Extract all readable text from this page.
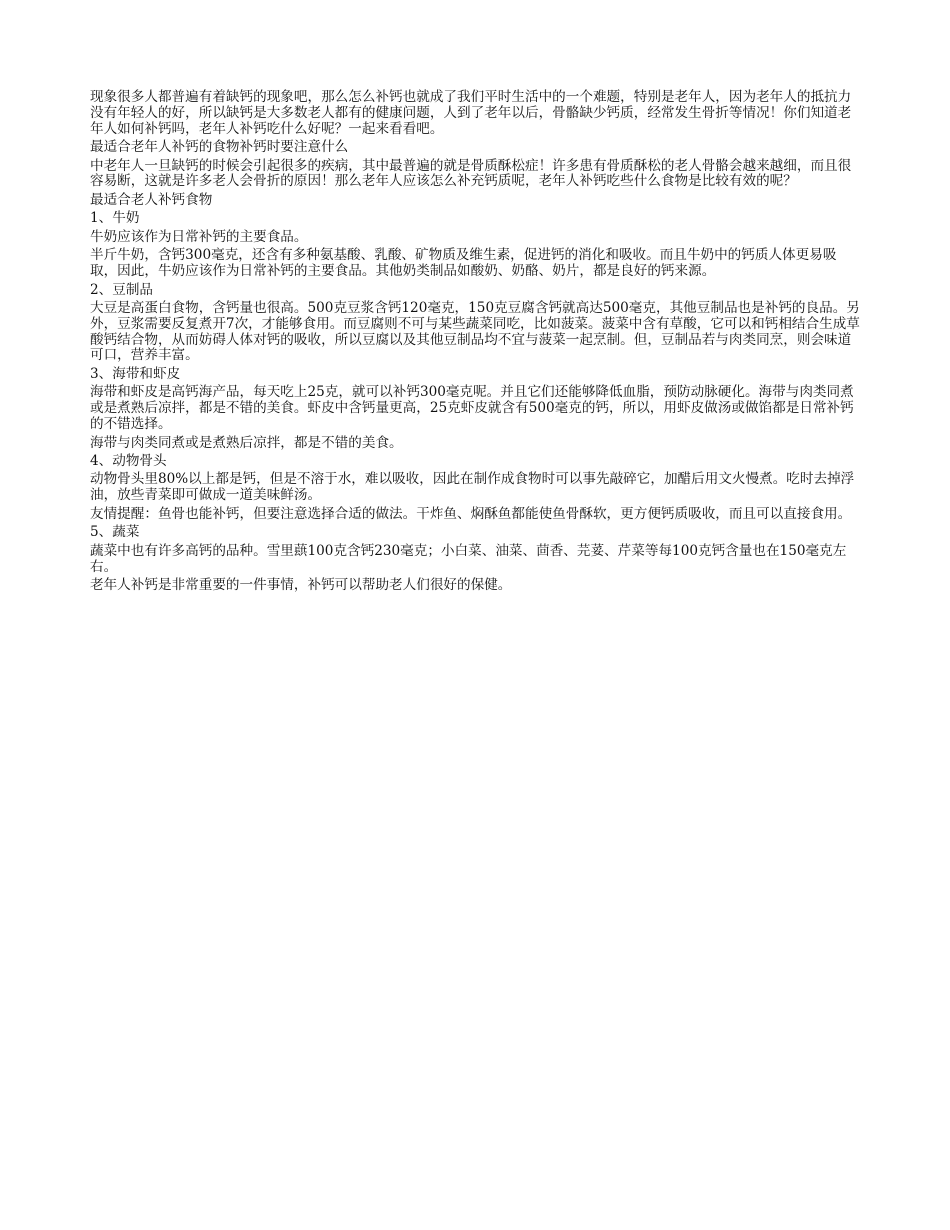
现象很多人都普遍有着缺钙的现象吧，那么怎么补钙也就成了我们平时生活中的一个难题，特别是老年人，因为老年人的抵抗力没有年轻人的好，所以缺钙是大多数老人都有的健康问题，人到了老年以后，骨骼缺少钙质，经常发生骨折等情况！你们知道老年人如何补钙吗，老年人补钙吃什么好呢？一起来看看吧。

最适合老年人补钙的食物补钙时要注意什么

中老年人一旦缺钙的时候会引起很多的疾病，其中最普遍的就是骨质酥松症！许多患有骨质酥松的老人骨骼会越来越细，而且很容易断，这就是许多老人会骨折的原因！那么老年人应该怎么补充钙质呢，老年人补钙吃些什么食物是比较有效的呢？

最适合老人补钙食物

1、牛奶

牛奶应该作为日常补钙的主要食品。

半斤牛奶，含钙300毫克，还含有多种氨基酸、乳酸、矿物质及维生素，促进钙的消化和吸收。而且牛奶中的钙质人体更易吸取，因此，牛奶应该作为日常补钙的主要食品。其他奶类制品如酸奶、奶酪、奶片，都是良好的钙来源。

2、豆制品

大豆是高蛋白食物，含钙量也很高。500克豆浆含钙120毫克，150克豆腐含钙就高达500毫克，其他豆制品也是补钙的良品。另外，豆浆需要反复煮开7次，才能够食用。而豆腐则不可与某些蔬菜同吃，比如菠菜。菠菜中含有草酸，它可以和钙相结合生成草酸钙结合物，从而妨碍人体对钙的吸收，所以豆腐以及其他豆制品均不宜与菠菜一起烹制。但，豆制品若与肉类同烹，则会味道可口，营养丰富。

3、海带和虾皮

海带和虾皮是高钙海产品，每天吃上25克，就可以补钙300毫克呢。并且它们还能够降低血脂，预防动脉硬化。海带与肉类同煮或是煮熟后凉拌，都是不错的美食。虾皮中含钙量更高，25克虾皮就含有500毫克的钙，所以，用虾皮做汤或做馅都是日常补钙的不错选择。

海带与肉类同煮或是煮熟后凉拌，都是不错的美食。

4、动物骨头

动物骨头里80%以上都是钙，但是不溶于水，难以吸收，因此在制作成食物时可以事先敲碎它，加醋后用文火慢煮。吃时去掉浮油，放些青菜即可做成一道美味鲜汤。

友情提醒：鱼骨也能补钙，但要注意选择合适的做法。干炸鱼、焖酥鱼都能使鱼骨酥软，更方便钙质吸收，而且可以直接食用。

5、蔬菜

蔬菜中也有许多高钙的品种。雪里蕻100克含钙230毫克；小白菜、油菜、茴香、芫荽、芹菜等每100克钙含量也在150毫克左右。

老年人补钙是非常重要的一件事情，补钙可以帮助老人们很好的保健。
